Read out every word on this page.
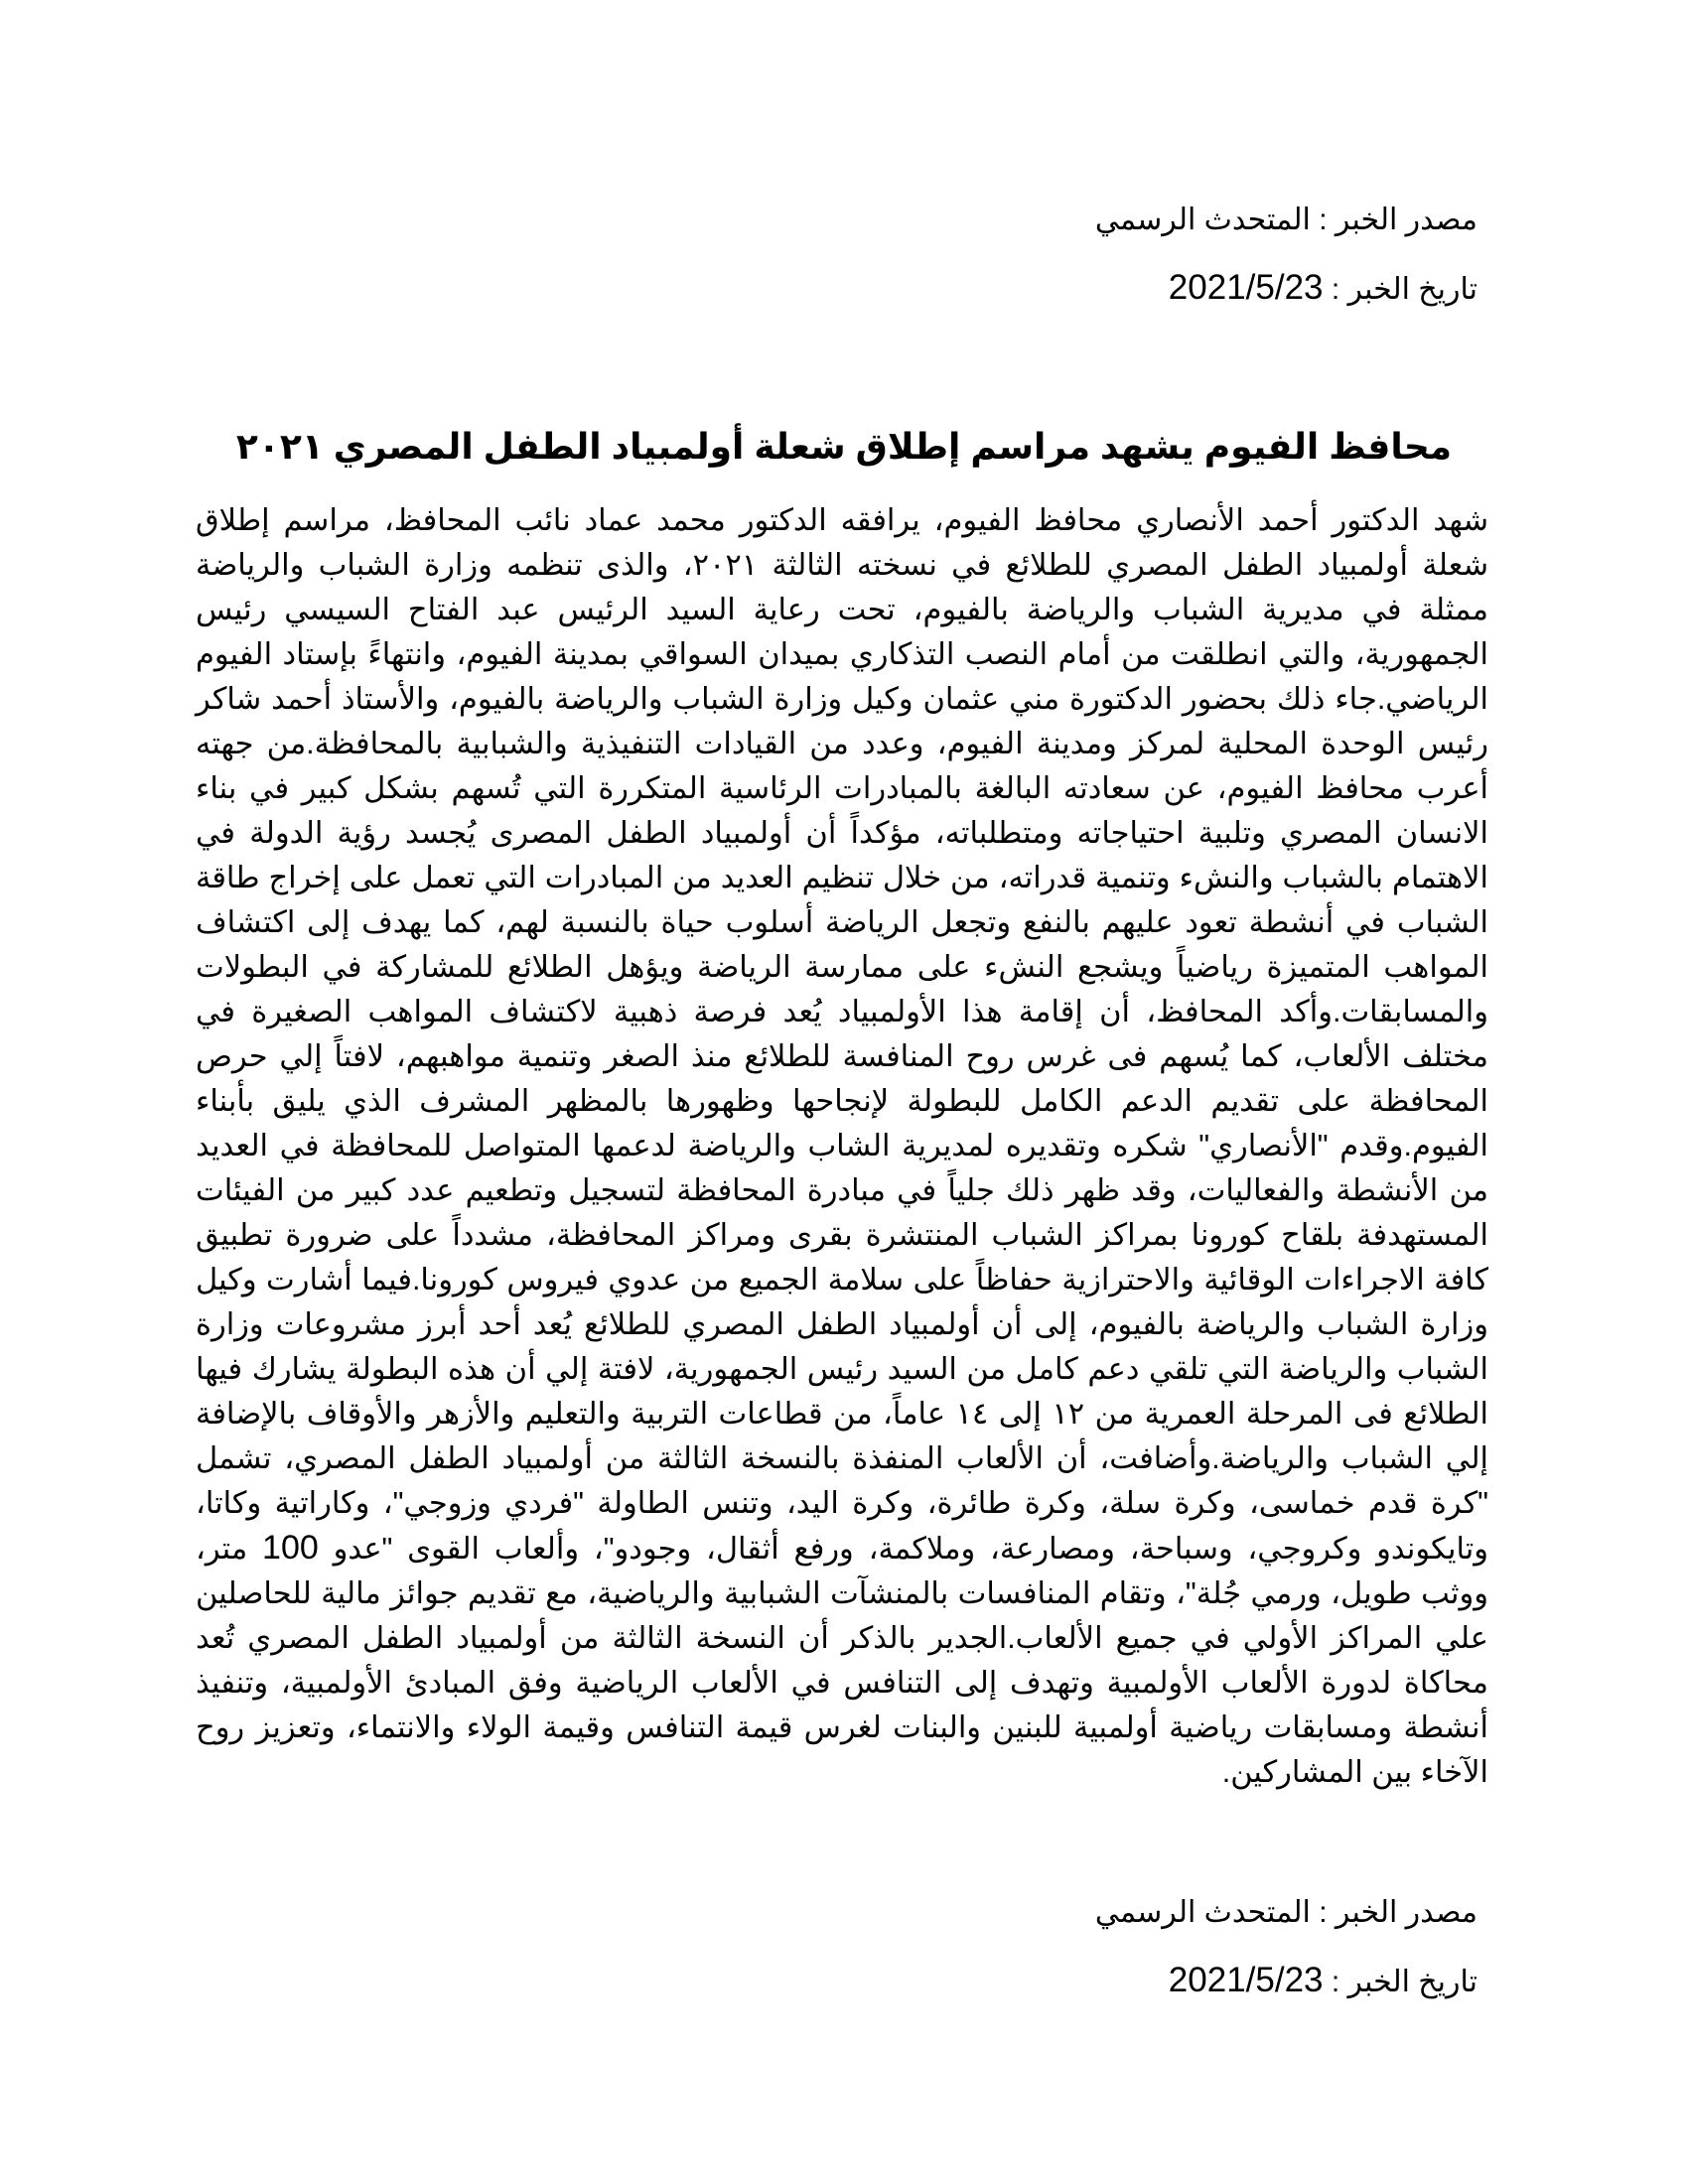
مصدر الخبر : المتحدث الرسمي
تاريخ الخبر : 2021/5/23
محافظ الفيوم يشهد مراسم إطلاق شعلة أولمبياد الطفل المصري ٢٠٢١
شهد الدكتور أحمد الأنصاري محافظ الفيوم، يرافقه الدكتور محمد عماد نائب المحافظ، مراسم إطلاق شعلة أولمبياد الطفل المصري للطلائع في نسخته الثالثة ٢٠٢١، والذى تنظمه وزارة الشباب والرياضة ممثلة في مديرية الشباب والرياضة بالفيوم، تحت رعاية السيد الرئيس عبد الفتاح السيسي رئيس الجمهورية، والتي انطلقت من أمام النصب التذكاري بميدان السواقي بمدينة الفيوم، وانتهاءً بإستاد الفيوم الرياضي.جاء ذلك بحضور الدكتورة مني عثمان وكيل وزارة الشباب والرياضة بالفيوم، والأستاذ أحمد شاكر رئيس الوحدة المحلية لمركز ومدينة الفيوم، وعدد من القيادات التنفيذية والشبابية بالمحافظة.من جهته أعرب محافظ الفيوم، عن سعادته البالغة بالمبادرات الرئاسية المتكررة التي تُسهم بشكل كبير في بناء الانسان المصري وتلبية احتياجاته ومتطلباته، مؤكداً أن أولمبياد الطفل المصرى يُجسد رؤية الدولة في الاهتمام بالشباب والنشء وتنمية قدراته، من خلال تنظيم العديد من المبادرات التي تعمل على إخراج طاقة الشباب في أنشطة تعود عليهم بالنفع وتجعل الرياضة أسلوب حياة بالنسبة لهم، كما يهدف إلى اكتشاف المواهب المتميزة رياضياً ويشجع النشء على ممارسة الرياضة ويؤهل الطلائع للمشاركة في البطولات والمسابقات.وأكد المحافظ، أن إقامة هذا الأولمبياد يُعد فرصة ذهبية لاكتشاف المواهب الصغيرة في مختلف الألعاب، كما يُسهم فى غرس روح المنافسة للطلائع منذ الصغر وتنمية مواهبهم، لافتاً إلي حرص المحافظة على تقديم الدعم الكامل للبطولة لإنجاحها وظهورها بالمظهر المشرف الذي يليق بأبناء الفيوم.وقدم "الأنصاري" شكره وتقديره لمديرية الشاب والرياضة لدعمها المتواصل للمحافظة في العديد من الأنشطة والفعاليات، وقد ظهر ذلك جلياً في مبادرة المحافظة لتسجيل وتطعيم عدد كبير من الفيئات المستهدفة بلقاح كورونا بمراكز الشباب المنتشرة بقرى ومراكز المحافظة، مشدداً على ضرورة تطبيق كافة الاجراءات الوقائية والاحترازية حفاظاً على سلامة الجميع من عدوي فيروس كورونا.فيما أشارت وكيل وزارة الشباب والرياضة بالفيوم، إلى أن أولمبياد الطفل المصري للطلائع يُعد أحد أبرز مشروعات وزارة الشباب والرياضة التي تلقي دعم كامل من السيد رئيس الجمهورية، لافتة إلي أن هذه البطولة يشارك فيها الطلائع فى المرحلة العمرية من ١٢ إلى ١٤ عاماً، من قطاعات التربية والتعليم والأزهر والأوقاف بالإضافة إلي الشباب والرياضة.وأضافت، أن الألعاب المنفذة بالنسخة الثالثة من أولمبياد الطفل المصري، تشمل "كرة قدم خماسى، وكرة سلة، وكرة طائرة، وكرة اليد، وتنس الطاولة "فردي وزوجي"، وكاراتية وكاتا، وتايكوندو وكروجي، وسباحة، ومصارعة، وملاكمة، ورفع أثقال، وجودو"، وألعاب القوى "عدو 100 متر، ووثب طويل، ورمي جُلة"، وتقام المنافسات بالمنشآت الشبابية والرياضية، مع تقديم جوائز مالية للحاصلين علي المراكز الأولي في جميع الألعاب.الجدير بالذكر أن النسخة الثالثة من أولمبياد الطفل المصري تُعد محاكاة لدورة الألعاب الأولمبية وتهدف إلى التنافس في الألعاب الرياضية وفق المبادئ الأولمبية، وتنفيذ أنشطة ومسابقات رياضية أولمبية للبنين والبنات لغرس قيمة التنافس وقيمة الولاء والانتماء، وتعزيز روح الآخاء بين المشاركين.
مصدر الخبر : المتحدث الرسمي
تاريخ الخبر : 2021/5/23
